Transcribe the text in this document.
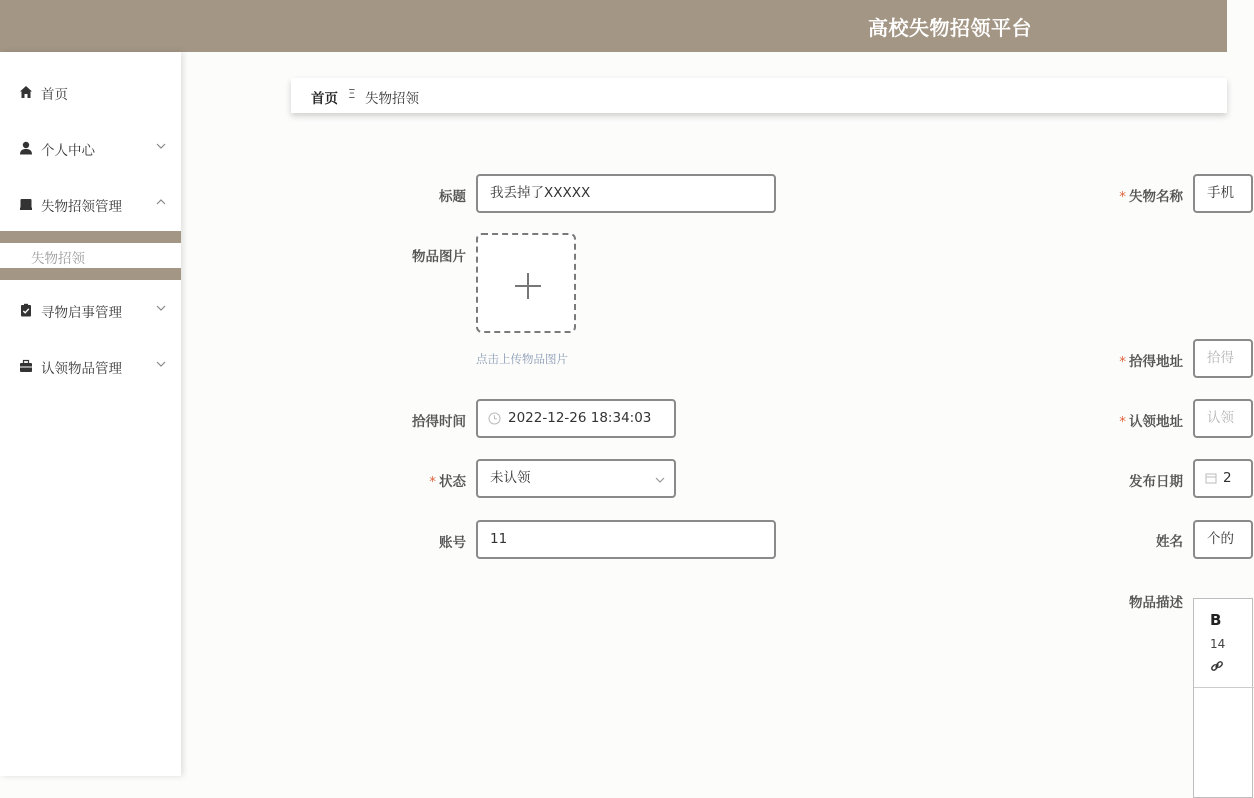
高校失物招领平台
首页
个人中心
失物招领管理
失物招领
寻物启事管理
认领物品管理
首页 Ξ 失物招领
标题	我丢掉了XXXXX
物品图片
点击上传物品图片
拾得时间	2022-12-26 18:34:03
* 状态	未认领
账号	11
* 失物名称	手机
* 拾得地址	拾得
* 认领地址	认领
发布日期	2
姓名	个的
物品描述
B
14
